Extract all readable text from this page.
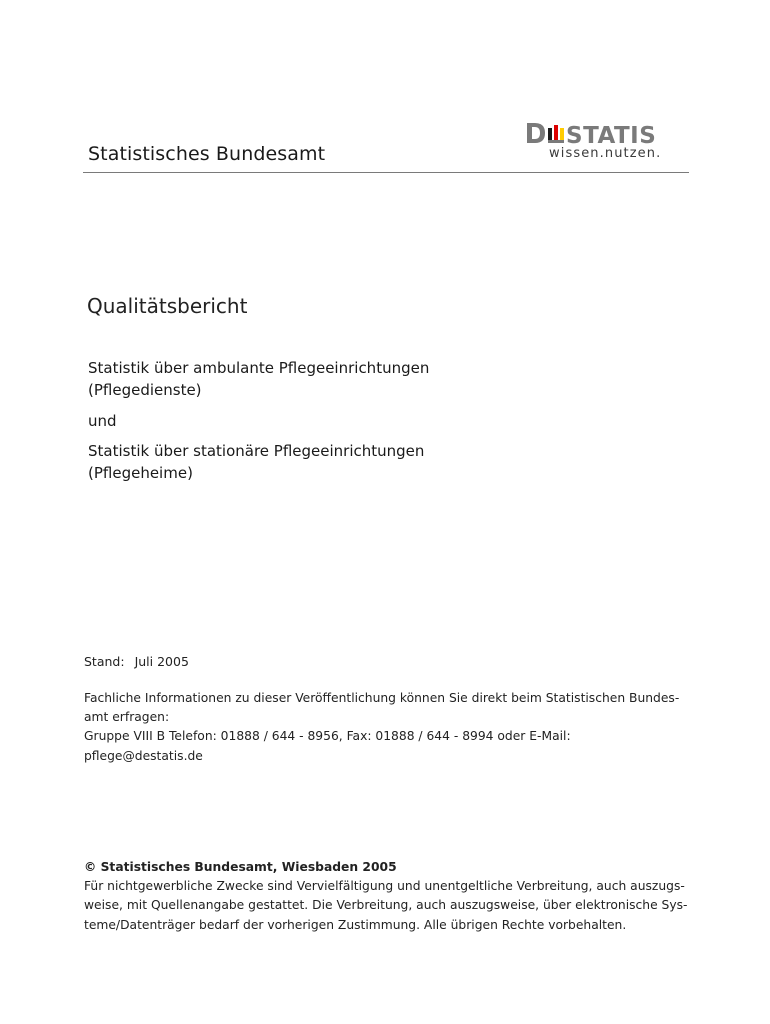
Statistisches Bundesamt
STATIS
wissen.nutzen.
Qualitätsbericht
Statistik über ambulante Pflegeeinrichtungen
(Pflegedienste)
und
Statistik über stationäre Pflegeeinrichtungen
(Pflegeheime)
Stand: Juli 2005
Fachliche Informationen zu dieser Veröffentlichung können Sie direkt beim Statistischen Bundes-
amt erfragen:
Gruppe VIII B Telefon: 01888 / 644 - 8956, Fax: 01888 / 644 - 8994 oder E-Mail:
pflege@destatis.de
© Statistisches Bundesamt, Wiesbaden 2005
Für nichtgewerbliche Zwecke sind Vervielfältigung und unentgeltliche Verbreitung, auch auszugs-
weise, mit Quellenangabe gestattet. Die Verbreitung, auch auszugsweise, über elektronische Sys-
teme/Datenträger bedarf der vorherigen Zustimmung. Alle übrigen Rechte vorbehalten.
